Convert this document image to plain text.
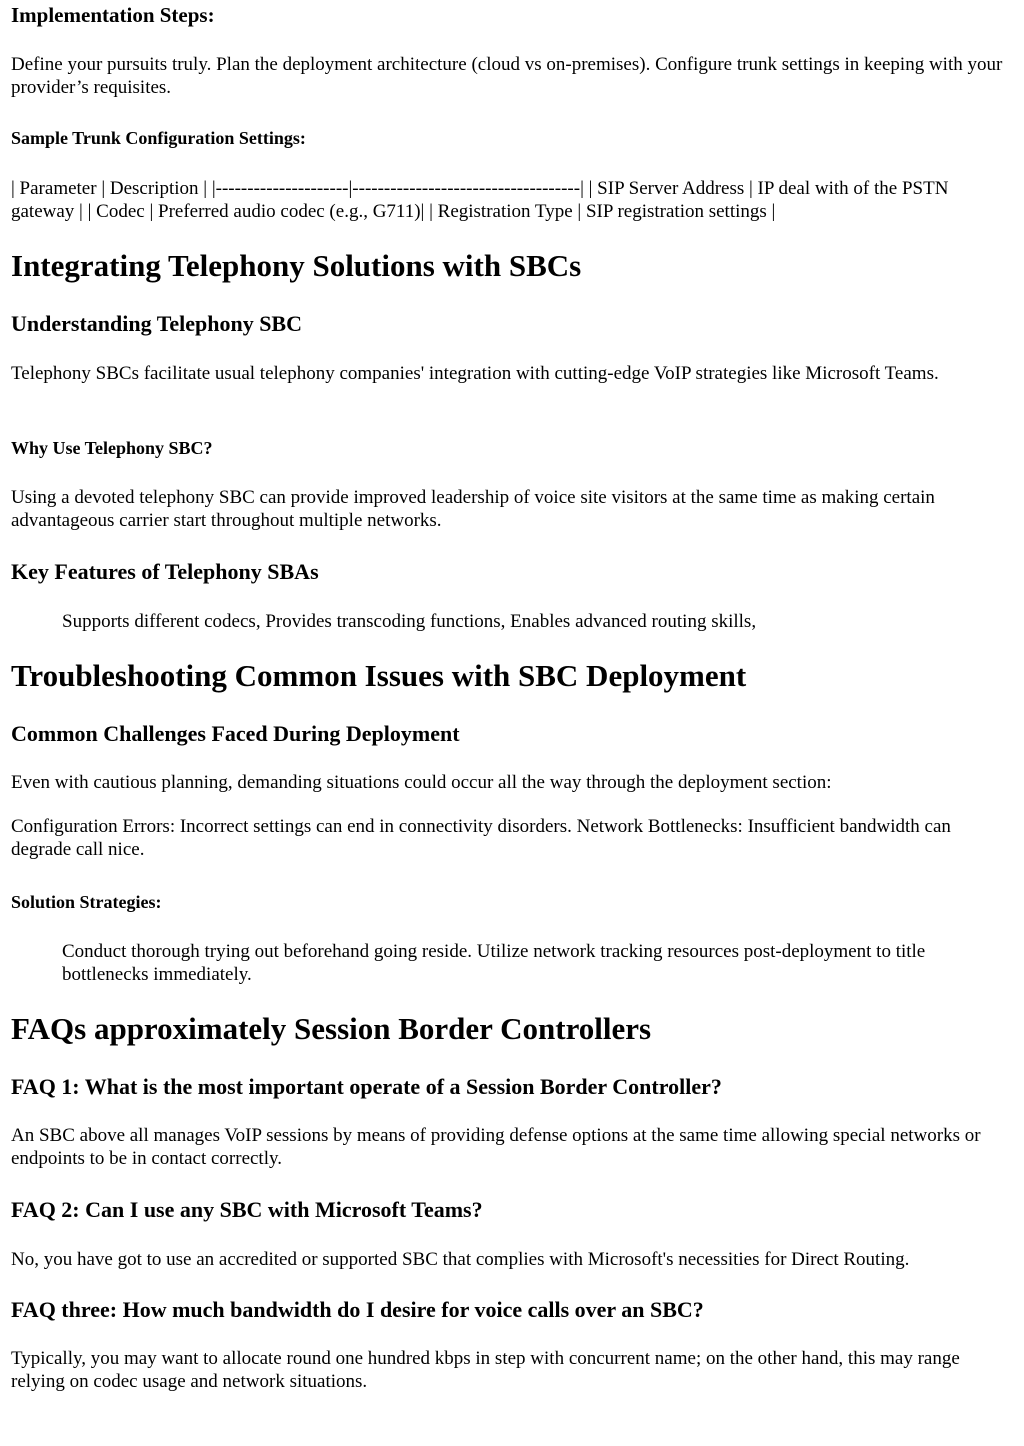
Implementation Steps:

Define your pursuits truly. Plan the deployment architecture (cloud vs on-premises). Configure trunk settings in keeping with your provider’s requisites.

Sample Trunk Configuration Settings:

| Parameter | Description | |---------------------|------------------------------------| | SIP Server Address | IP deal with of the PSTN gateway | | Codec | Preferred audio codec (e.g., G711)| | Registration Type | SIP registration settings |

Integrating Telephony Solutions with SBCs
Understanding Telephony SBC

Telephony SBCs facilitate usual telephony companies' integration with cutting-edge VoIP strategies like Microsoft Teams.

Why Use Telephony SBC?

Using a devoted telephony SBC can provide improved leadership of voice site visitors at the same time as making certain advantageous carrier start throughout multiple networks.

Key Features of Telephony SBAs
Supports different codecs, Provides transcoding functions, Enables advanced routing skills,
Troubleshooting Common Issues with SBC Deployment
Common Challenges Faced During Deployment

Even with cautious planning, demanding situations could occur all the way through the deployment section:

Configuration Errors: Incorrect settings can end in connectivity disorders. Network Bottlenecks: Insufficient bandwidth can degrade call nice.

Solution Strategies:
Conduct thorough trying out beforehand going reside. Utilize network tracking resources post-deployment to title bottlenecks immediately.
FAQs approximately Session Border Controllers
FAQ 1: What is the most important operate of a Session Border Controller?

An SBC above all manages VoIP sessions by means of providing defense options at the same time allowing special networks or endpoints to be in contact correctly.

FAQ 2: Can I use any SBC with Microsoft Teams?

No, you have got to use an accredited or supported SBC that complies with Microsoft's necessities for Direct Routing.

FAQ three: How much bandwidth do I desire for voice calls over an SBC?

Typically, you may want to allocate round one hundred kbps in step with concurrent name; on the other hand, this may range relying on codec usage and network situations.
